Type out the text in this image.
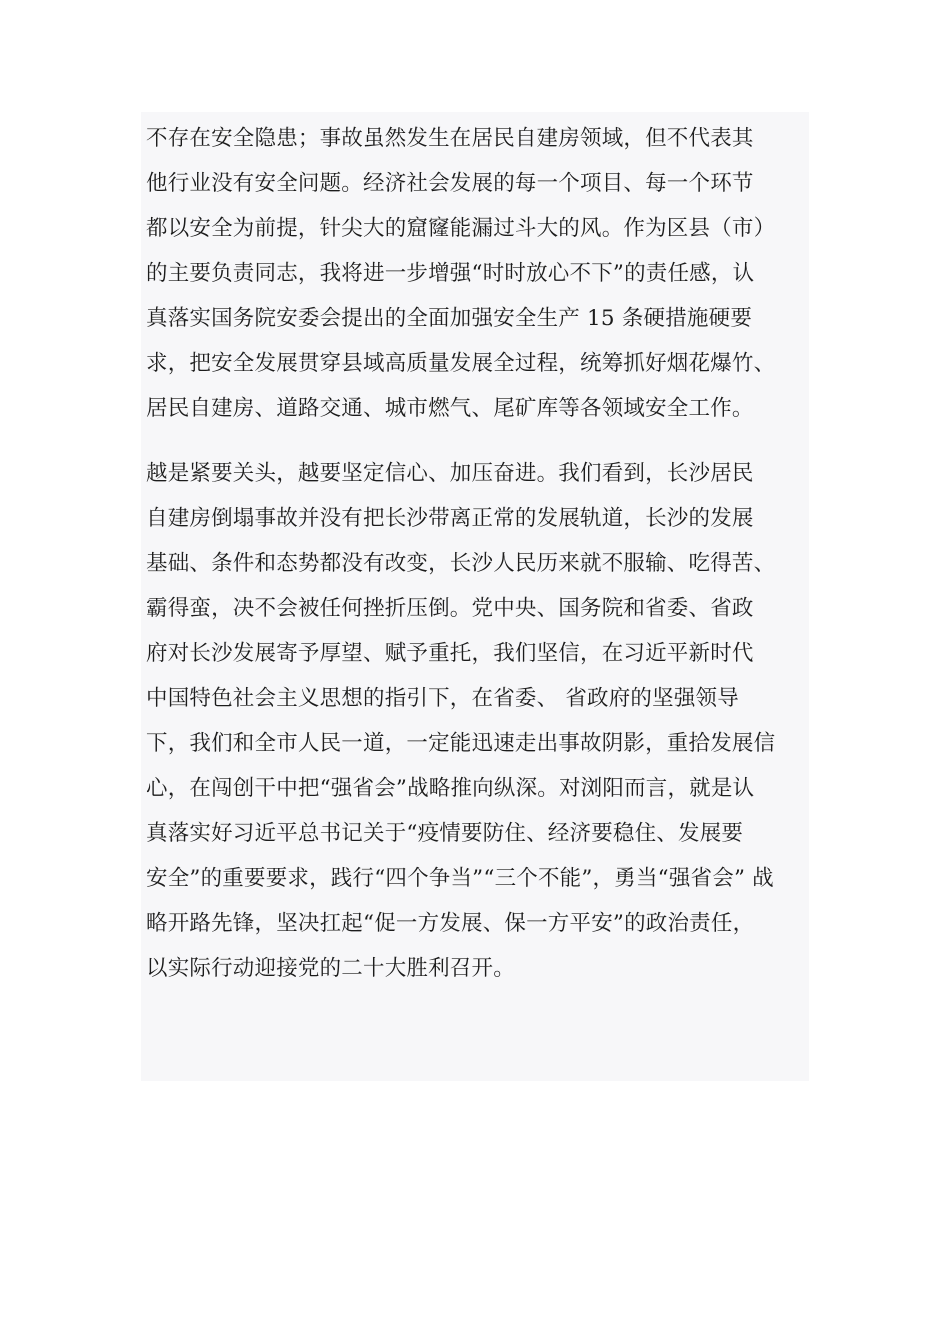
不存在安全隐患；事故虽然发生在居民自建房领域，但不代表其
他行业没有安全问题。经济社会发展的每一个项目、每一个环节
都以安全为前提，针尖大的窟窿能漏过斗大的风。作为区县（市）
的主要负责同志，我将进一步增强“时时放心不下”的责任感，认
真落实国务院安委会提出的全面加强安全生产 15 条硬措施硬要
求，把安全发展贯穿县域高质量发展全过程，统筹抓好烟花爆竹、
居民自建房、道路交通、城市燃气、尾矿库等各领域安全工作。
越是紧要关头，越要坚定信心、加压奋进。我们看到，长沙居民
自建房倒塌事故并没有把长沙带离正常的发展轨道，长沙的发展
基础、条件和态势都没有改变，长沙人民历来就不服输、吃得苦、
霸得蛮，决不会被任何挫折压倒。党中央、国务院和省委、省政
府对长沙发展寄予厚望、赋予重托，我们坚信，在习近平新时代
中国特色社会主义思想的指引下，在省委、 省政府的坚强领导
下，我们和全市人民一道，一定能迅速走出事故阴影，重拾发展信
心，在闯创干中把“强省会”战略推向纵深。对浏阳而言，就是认
真落实好习近平总书记关于“疫情要防住、经济要稳住、发展要
安全”的重要要求，践行“四个争当”“三个不能”，勇当“强省会” 战
略开路先锋，坚决扛起“促一方发展、保一方平安”的政治责任，
以实际行动迎接党的二十大胜利召开。
